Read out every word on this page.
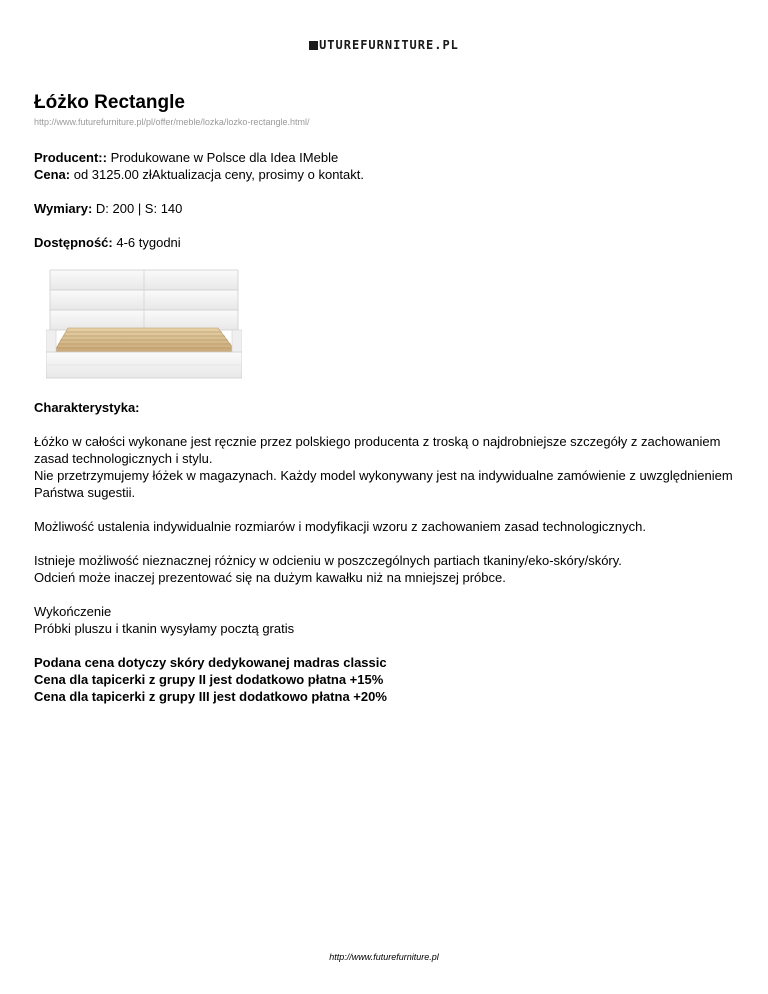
UTUREFURNITURE.PL
Łóżko Rectangle
http://www.futurefurniture.pl/pl/offer/meble/lozka/lozko-rectangle.html/

Producent:: Produkowane w Polsce dla Idea IMeble

Cena: od 3125.00 złAktualizacja ceny, prosimy o kontakt.

Wymiary: D: 200 | S: 140

Dostępność: 4-6 tygodni

Charakterystyka:

Łóżko w całości wykonane jest ręcznie przez polskiego producenta z troską o najdrobniejsze szczegóły z zachowaniem zasad technologicznych i stylu.
Nie przetrzymujemy łóżek w magazynach. Każdy model wykonywany jest na indywidualne zamówienie z uwzględnieniem Państwa sugestii.

Możliwość ustalenia indywidualnie rozmiarów i modyfikacji wzoru z zachowaniem zasad technologicznych.

Istnieje możliwość nieznacznej różnicy w odcieniu w poszczególnych partiach tkaniny/eko-skóry/skóry.
Odcień może inaczej prezentować się na dużym kawałku niż na mniejszej próbce.

Wykończenie
Próbki pluszu i tkanin wysyłamy pocztą gratis

Podana cena dotyczy skóry dedykowanej madras classic
Cena dla tapicerki z grupy II jest dodatkowo płatna +15%
Cena dla tapicerki z grupy III jest dodatkowo płatna +20%

http://www.futurefurniture.pl
